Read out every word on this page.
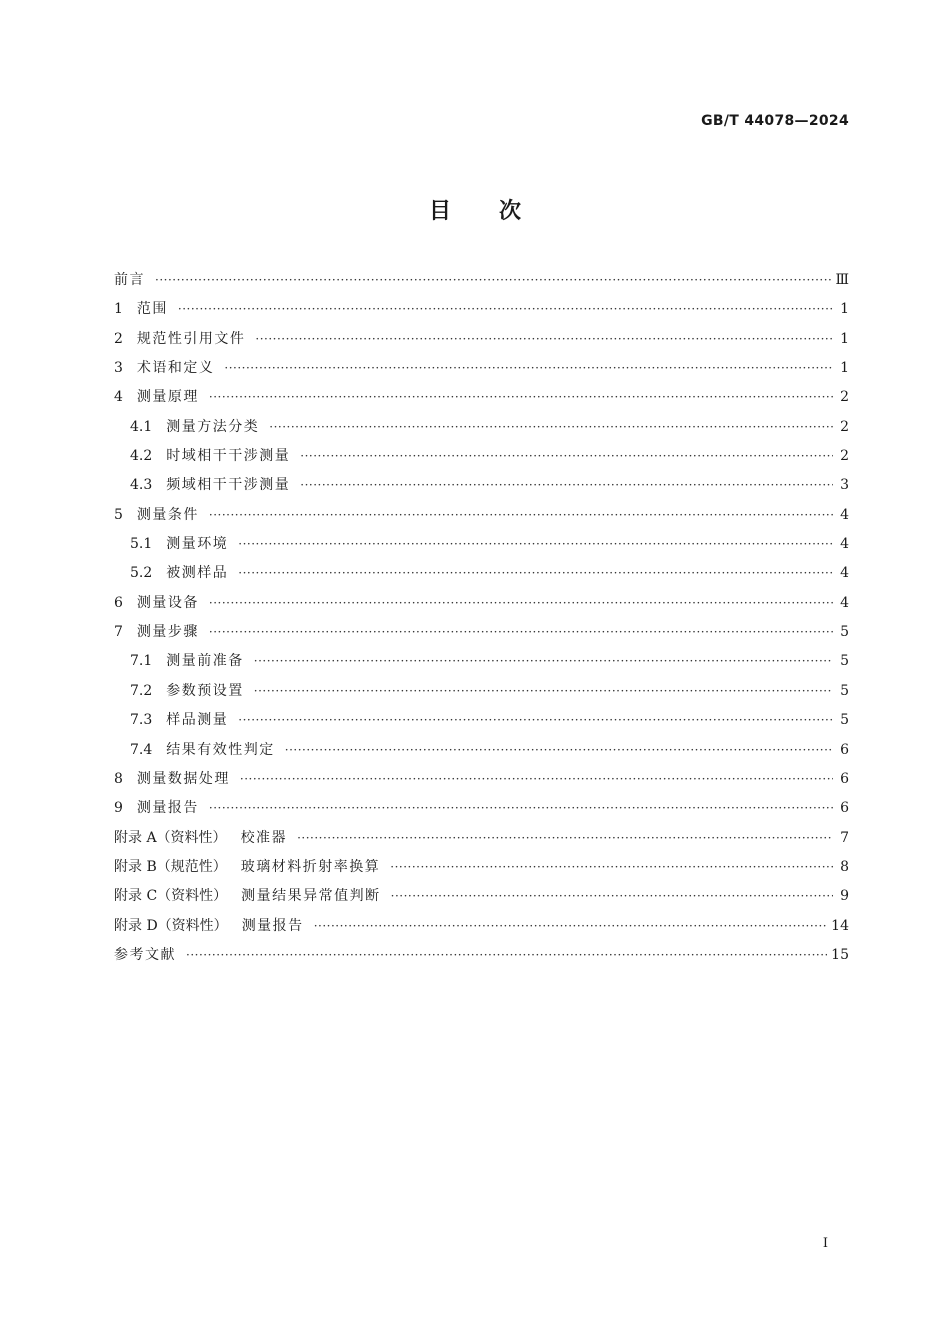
GB/T 44078—2024
目次
前言 ·····	Ⅲ
1 范围 ·····	1
2 规范性引用文件 ·····	1
3 术语和定义 ·····	1
4 测量原理 ·····	2
4.1 测量方法分类 ·····	2
4.2 时域相干干涉测量 ·····	2
4.3 频域相干干涉测量 ·····	3
5 测量条件 ·····	4
5.1 测量环境 ·····	4
5.2 被测样品 ·····	4
6 测量设备 ·····	4
7 测量步骤 ·····	5
7.1 测量前准备 ·····	5
7.2 参数预设置 ·····	5
7.3 样品测量 ·····	5
7.4 结果有效性判定 ·····	6
8 测量数据处理 ·····	6
9 测量报告 ·····	6
附录 A（资料性） 校准器 ·····	7
附录 B（规范性） 玻璃材料折射率换算 ·····	8
附录 C（资料性） 测量结果异常值判断 ·····	9
附录 D（资料性） 测量报告 ·····	14
参考文献 ·····	15
I
